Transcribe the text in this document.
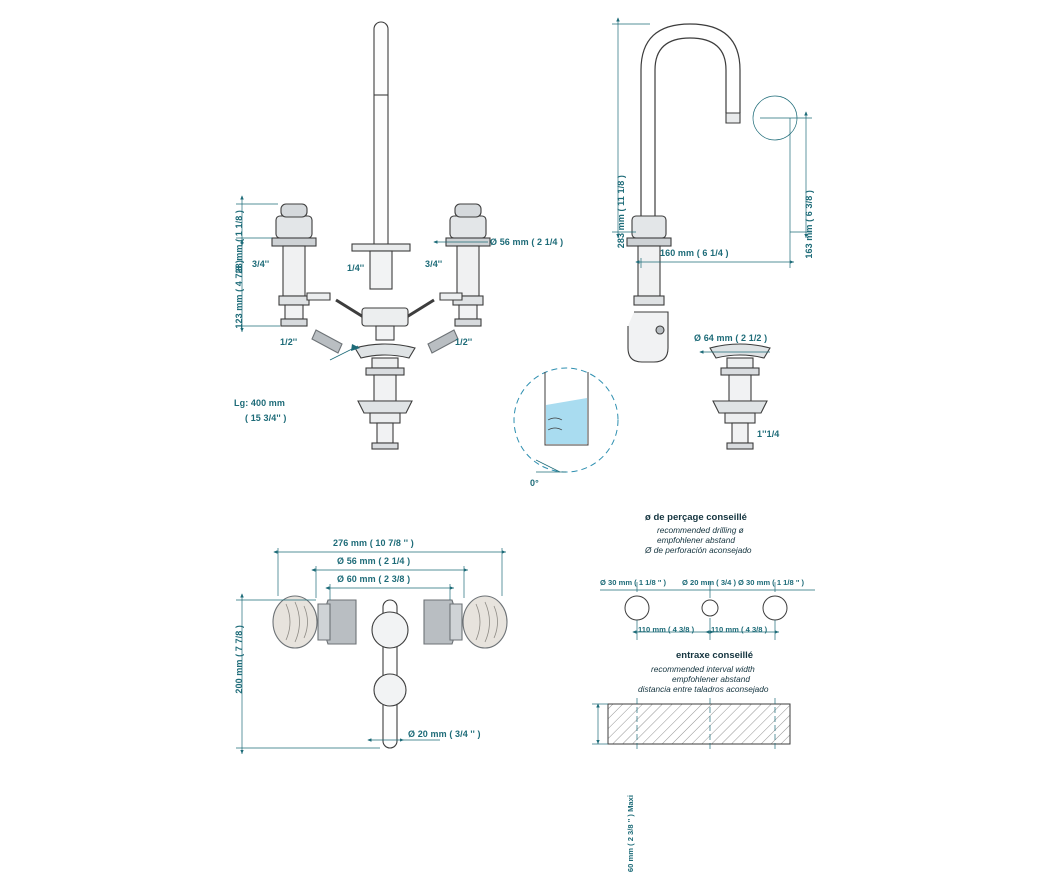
28 mm ( 1 1/8 )
123 mm ( 4 7/8 )
Ø 56 mm ( 2 1/4 )
3/4''	1/4''	3/4''
1/2''	1/2''
Lg: 400 mm
( 15 3/4'' )
283 mm ( 11 1/8 )	163 mm ( 6 3/8 )
160 mm ( 6 1/4 )
Ø 64 mm ( 2 1/2 )
1''1/4
0°
276 mm ( 10 7/8 '' )
Ø 56 mm ( 2 1/4 )
Ø 60 mm ( 2 3/8 )
200 mm ( 7 7/8 )
Ø 20 mm ( 3/4 '' )
ø de perçage conseillé
recommended drilling ø
empfohlener abstand
Ø de perforación aconsejado
Ø 30 mm ( 1 1/8 '' ) Ø 20 mm ( 3/4 ) Ø 30 mm ( 1 1/8 '' )
110 mm ( 4 3/8 ) 110 mm ( 4 3/8 )
entraxe conseillé
recommended interval width
empfohlener abstand
distancia entre taladros aconsejado
60 mm ( 2 3/8 '' ) Maxi
